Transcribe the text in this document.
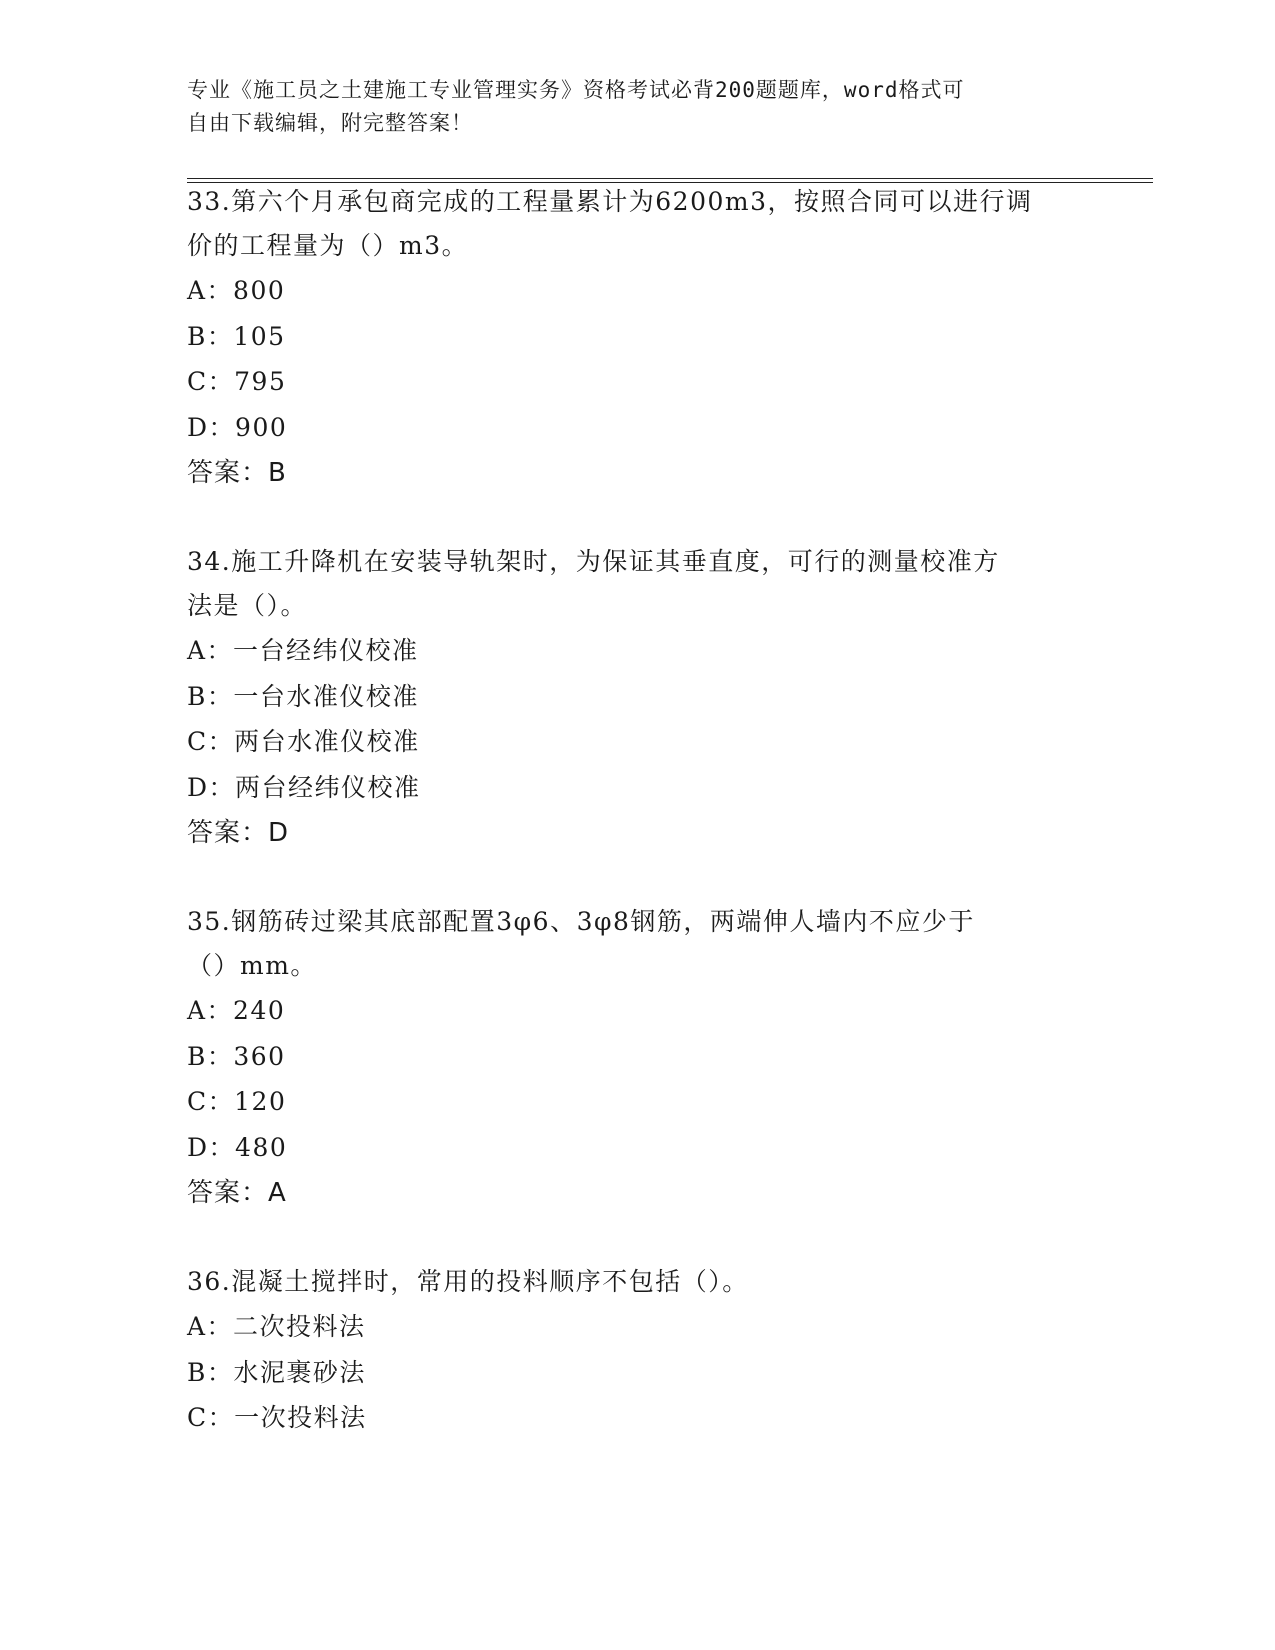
专业《施工员之土建施工专业管理实务》资格考试必背200题题库，word格式可
自由下载编辑，附完整答案！
33.第六个月承包商完成的工程量累计为6200m3，按照合同可以进行调
价的工程量为（）m3。
A：800
B：105
C：795
D：900
答案：B
34.施工升降机在安装导轨架时，为保证其垂直度，可行的测量校准方
法是（）。
A：一台经纬仪校准
B：一台水准仪校准
C：两台水准仪校准
D：两台经纬仪校准
答案：D
35.钢筋砖过梁其底部配置3φ6、3φ8钢筋，两端伸人墙内不应少于
（）mm。
A：240
B：360
C：120
D：480
答案：A
36.混凝土搅拌时，常用的投料顺序不包括（）。
A：二次投料法
B：水泥裹砂法
C：一次投料法
